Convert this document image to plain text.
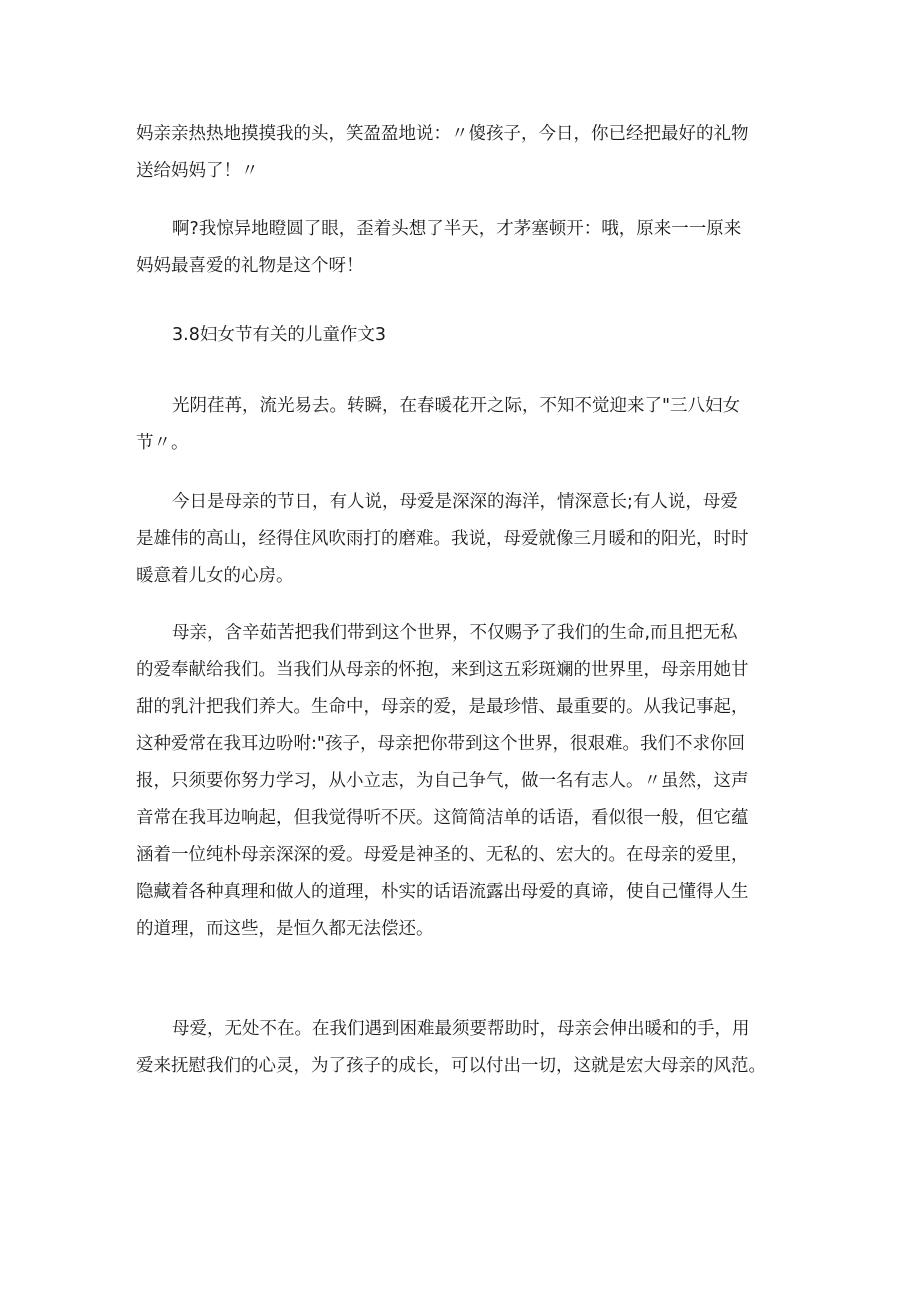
妈亲亲热热地摸摸我的头，笑盈盈地说：〃傻孩子，今日，你已经把最好的礼物
送给妈妈了！〃

啊?我惊异地瞪圆了眼，歪着头想了半天，才茅塞顿开：哦，原来一一原来
妈妈最喜爱的礼物是这个呀！

3.8妇女节有关的儿童作文3

光阴荏苒，流光易去。转瞬，在春暖花开之际，不知不觉迎来了"三八妇女
节〃。

今日是母亲的节日，有人说，母爱是深深的海洋，情深意长;有人说，母爱
是雄伟的高山，经得住风吹雨打的磨难。我说，母爱就像三月暖和的阳光，时时
暖意着儿女的心房。

母亲，含辛茹苦把我们带到这个世界，不仅赐予了我们的生命,而且把无私
的爱奉献给我们。当我们从母亲的怀抱，来到这五彩斑斓的世界里，母亲用她甘
甜的乳汁把我们养大。生命中，母亲的爱，是最珍惜、最重要的。从我记事起，
这种爱常在我耳边吩咐:"孩子，母亲把你带到这个世界，很艰难。我们不求你回
报，只须要你努力学习，从小立志，为自己争气，做一名有志人。〃虽然，这声
音常在我耳边响起，但我觉得听不厌。这简简洁单的话语，看似很一般，但它蕴
涵着一位纯朴母亲深深的爱。母爱是神圣的、无私的、宏大的。在母亲的爱里，
隐藏着各种真理和做人的道理，朴实的话语流露出母爱的真谛，使自己懂得人生
的道理，而这些，是恒久都无法偿还。

母爱，无处不在。在我们遇到困难最须要帮助时，母亲会伸出暖和的手，用
爱来抚慰我们的心灵，为了孩子的成长，可以付出一切，这就是宏大母亲的风范。
